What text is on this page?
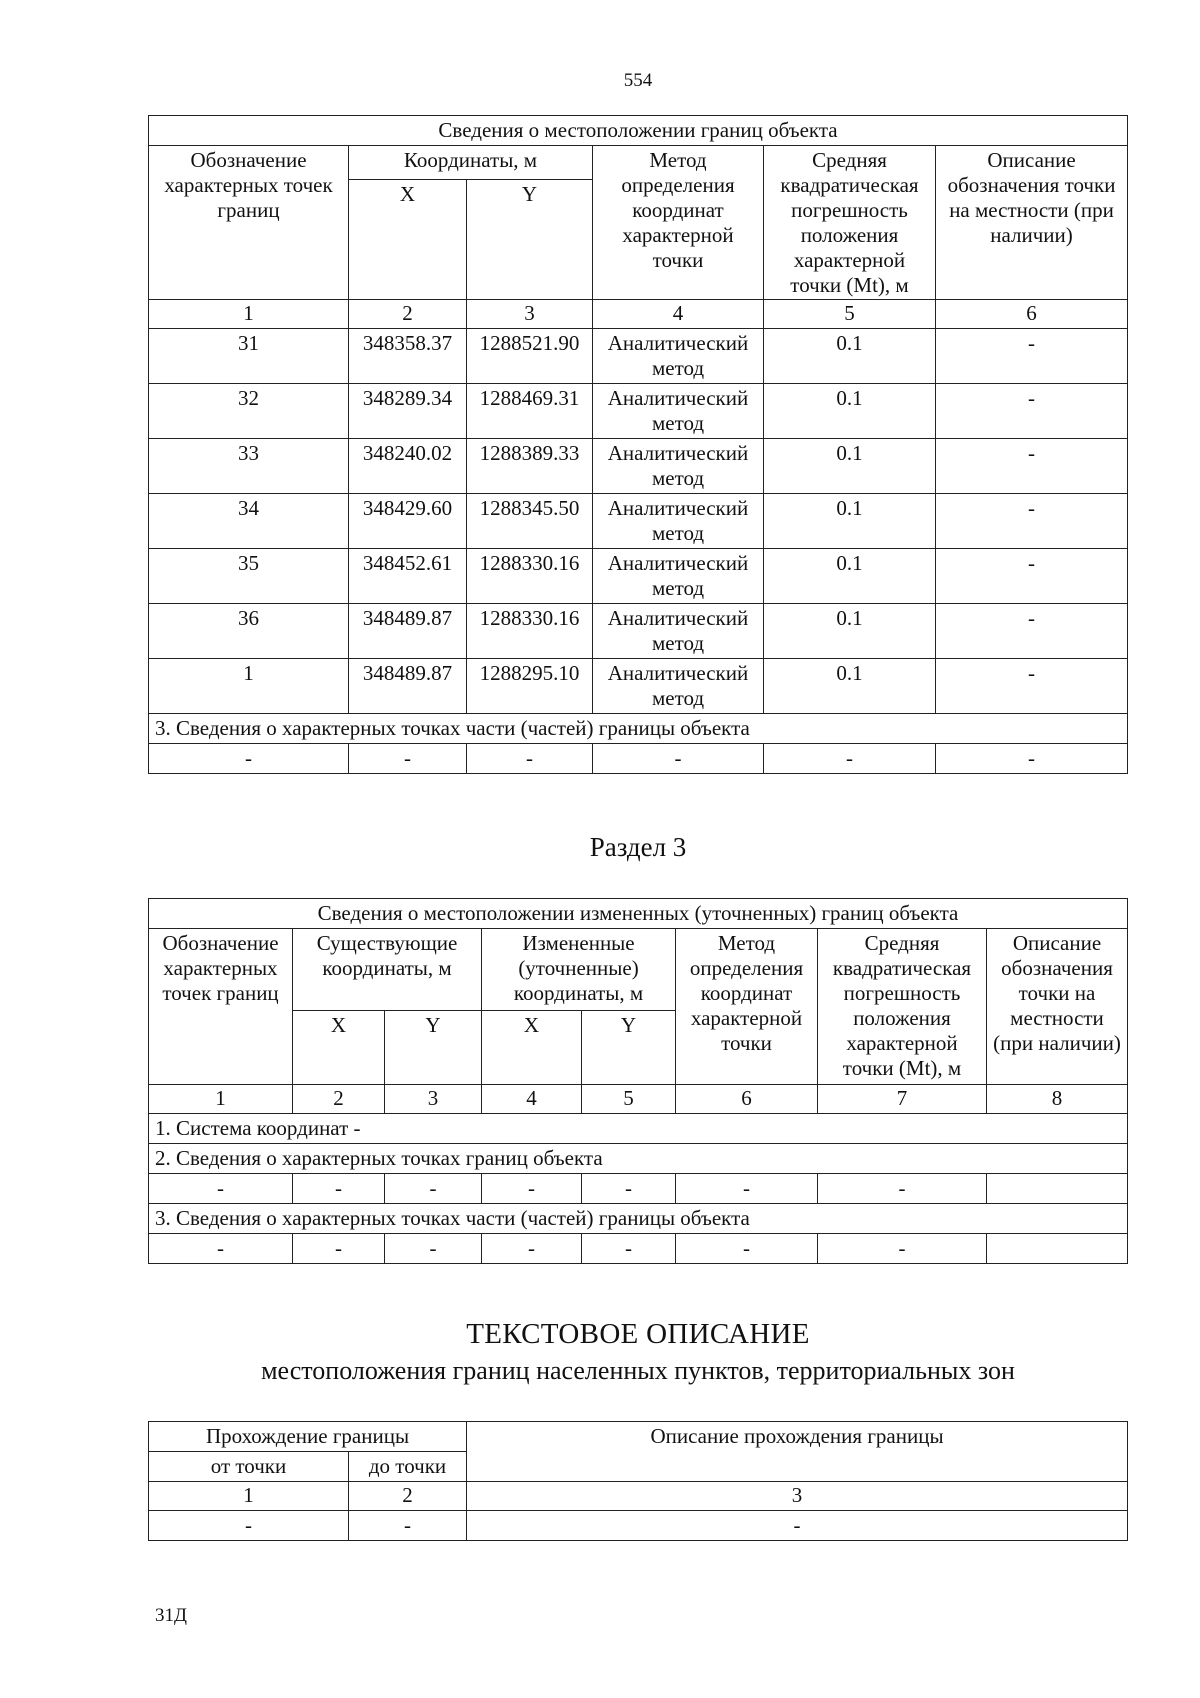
554
Сведения о местоположении границ объекта					
Обозначение характерных точек границ	Координаты, м		Метод определения координат характерной точки	Средняя квадратическая погрешность положения характерной точки (Mt), м	Описание обозначения точки на местности (при наличии)
	X	Y			
1	2	3	4	5	6
31	348358.37	1288521.90	Аналитический метод	0.1	-
32	348289.34	1288469.31	Аналитический метод	0.1	-
33	348240.02	1288389.33	Аналитический метод	0.1	-
34	348429.60	1288345.50	Аналитический метод	0.1	-
35	348452.61	1288330.16	Аналитический метод	0.1	-
36	348489.87	1288330.16	Аналитический метод	0.1	-
1	348489.87	1288295.10	Аналитический метод	0.1	-
3. Сведения о характерных точках части (частей) границы объекта					
-	-	-	-	-	-
Раздел 3
Сведения о местоположении измененных (уточненных) границ объекта							
Обозначение характерных точек границ	Существующие координаты, м		Измененные (уточненные) координаты, м		Метод определения координат характерной точки	Средняя квадратическая погрешность положения характерной точки (Mt), м	Описание обозначения точки на местности (при наличии)
	X	Y	X	Y			
1	2	3	4	5	6	7	8
1. Система координат -							
2. Сведения о характерных точках границ объекта							
-	-	-	-	-	-	-	
3. Сведения о характерных точках части (частей) границы объекта							
-	-	-	-	-	-	-	
ТЕКСТОВОЕ ОПИСАНИЕ
местоположения границ населенных пунктов, территориальных зон
Прохождение границы		Описание прохождения границы
от точки	до точки	
1	2	3
-	-	-
31Д
